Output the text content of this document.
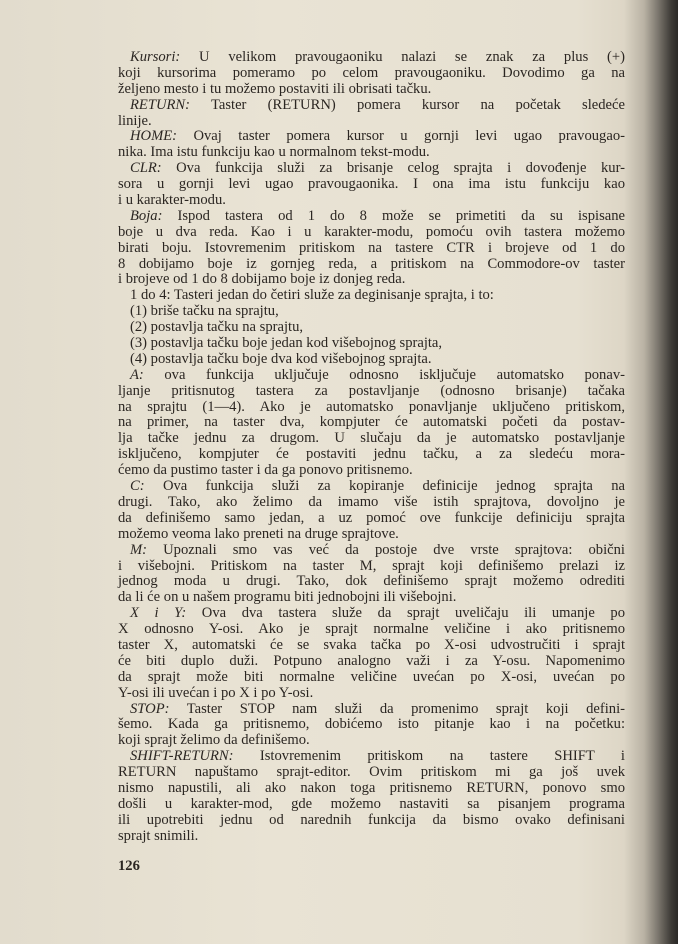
Kursori: U velikom pravougaoniku nalazi se znak za plus (+)
koji kursorima pomeramo po celom pravougaoniku. Dovodimo ga na
željeno mesto i tu možemo postaviti ili obrisati tačku.
RETURN: Taster (RETURN) pomera kursor na početak sledeće
linije.
HOME: Ovaj taster pomera kursor u gornji levi ugao pravougao-
nika. Ima istu funkciju kao u normalnom tekst-modu.
CLR: Ova funkcija služi za brisanje celog sprajta i dovođenje kur-
sora u gornji levi ugao pravougaonika. I ona ima istu funkciju kao
i u karakter-modu.
Boja: Ispod tastera od 1 do 8 može se primetiti da su ispisane
boje u dva reda. Kao i u karakter-modu, pomoću ovih tastera možemo
birati boju. Istovremenim pritiskom na tastere CTR i brojeve od 1 do
8 dobijamo boje iz gornjeg reda, a pritiskom na Commodore-ov taster
i brojeve od 1 do 8 dobijamo boje iz donjeg reda.
1 do 4: Tasteri jedan do četiri služe za deginisanje sprajta, i to:
(1) briše tačku na sprajtu,
(2) postavlja tačku na sprajtu,
(3) postavlja tačku boje jedan kod višebojnog sprajta,
(4) postavlja tačku boje dva kod višebojnog sprajta.
A: ova funkcija uključuje odnosno isključuje automatsko ponav-
ljanje pritisnutog tastera za postavljanje (odnosno brisanje) tačaka
na sprajtu (1—4). Ako je automatsko ponavljanje uključeno pritiskom,
na primer, na taster dva, kompjuter će automatski početi da postav-
lja tačke jednu za drugom. U slučaju da je automatsko postavljanje
isključeno, kompjuter će postaviti jednu tačku, a za sledeću mora-
ćemo da pustimo taster i da ga ponovo pritisnemo.
C: Ova funkcija služi za kopiranje definicije jednog sprajta na
drugi. Tako, ako želimo da imamo više istih sprajtova, dovoljno je
da definišemo samo jedan, a uz pomoć ove funkcije definiciju sprajta
možemo veoma lako preneti na druge sprajtove.
M: Upoznali smo vas već da postoje dve vrste sprajtova: obični
i višebojni. Pritiskom na taster M, sprajt koji definišemo prelazi iz
jednog moda u drugi. Tako, dok definišemo sprajt možemo odrediti
da li će on u našem programu biti jednobojni ili višebojni.
X i Y: Ova dva tastera služe da sprajt uveličaju ili umanje po
X odnosno Y-osi. Ako je sprajt normalne veličine i ako pritisnemo
taster X, automatski će se svaka tačka po X-osi udvostručiti i sprajt
će biti duplo duži. Potpuno analogno važi i za Y-osu. Napomenimo
da sprajt može biti normalne veličine uvećan po X-osi, uvećan po
Y-osi ili uvećan i po X i po Y-osi.
STOP: Taster STOP nam služi da promenimo sprajt koji defini-
šemo. Kada ga pritisnemo, dobićemo isto pitanje kao i na početku:
koji sprajt želimo da definišemo.
SHIFT-RETURN: Istovremenim pritiskom na tastere SHIFT i
RETURN napuštamo sprajt-editor. Ovim pritiskom mi ga još uvek
nismo napustili, ali ako nakon toga pritisnemo RETURN, ponovo smo
došli u karakter-mod, gde možemo nastaviti sa pisanjem programa
ili upotrebiti jednu od narednih funkcija da bismo ovako definisani
sprajt snimili.
126
